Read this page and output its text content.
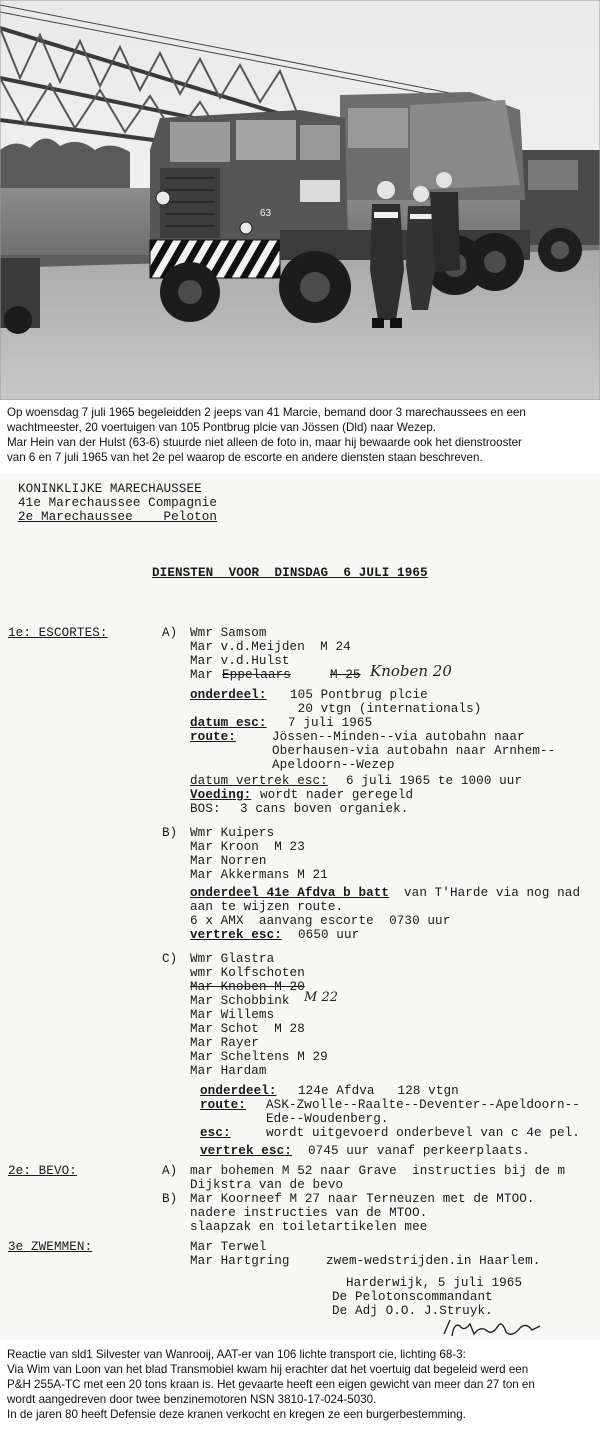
63
Op woensdag 7 juli 1965 begeleidden 2 jeeps van 41 Marcie, bemand door 3 marechaussees en een
wachtmeester, 20 voertuigen van 105 Pontbrug plcie van Jössen (Dld) naar Wezep.
Mar Hein van der Hulst (63-6) stuurde niet alleen de foto in, maar hij bewaarde ook het dienstrooster
van 6 en 7 juli 1965 van het 2e pel waarop de escorte en andere diensten staan beschreven.
KONINKLIJKE MARECHAUSSEE
41e Marechaussee Compagnie
2e Marechaussee    Peloton
DIENSTEN  VOOR  DINSDAG  6 JULI 1965
1e: ESCORTES:	A) Wmr Samsom
Mar v.d.Meijden  M 24
Mar v.d.Hulst
Mar Eppelaars	M 25 Knoben 20
onderdeel: 105 Pontbrug plcie
20 vtgn (internationals)
datum esc: 7 juli 1965
route:	Jössen--Minden--via autobahn naar
Oberhausen-via autobahn naar Arnhem--
Apeldoorn--Wezep
datum vertrek esc: 6 juli 1965 te 1000 uur
Voeding: wordt nader geregeld
BOS: 3 cans boven organiek.
B) Wmr Kuipers
Mar Kroon  M 23
Mar Norren
Mar Akkermans M 21
onderdeel 41e Afdva b batt van T'Harde via nog nad
aan te wijzen route.
6 x AMX  aanvang escorte  0730 uur
vertrek esc: 0650 uur
C) Wmr Glastra
wmr Kolfschoten
Mar Knoben M 20
Mar Schobbink M 22
Mar Willems
Mar Schot  M 28
Mar Rayer
Mar Scheltens M 29
Mar Hardam
onderdeel: 124e Afdva   128 vtgn
route: ASK-Zwolle--Raalte--Deventer--Apeldoorn--
Ede--Woudenberg.
esc:	wordt uitgevoerd onderbevel van c 4e pel.
vertrek esc: 0745 uur vanaf perkeerplaats.
2e: BEVO:	A) mar bohemen M 52 naar Grave  instructies bij de m
Dijkstra van de bevo
B) Mar Koorneef M 27 naar Terneuzen met de MTOO.
nadere instructies van de MTOO.
slaapzak en toiletartikelen mee
3e ZWEMMEN:	Mar Terwel
Mar Hartgring	zwem-wedstrijden.in Haarlem.
Harderwijk, 5 juli 1965
De Pelotonscommandant
De Adj O.O. J.Struyk.
Reactie van sld1 Silvester van Wanrooij, AAT-er van 106 lichte transport cie, lichting 68-3:
Via Wim van Loon van het blad Transmobiel kwam hij erachter dat het voertuig dat begeleid werd een
P&H 255A-TC met een 20 tons kraan is. Het gevaarte heeft een eigen gewicht van meer dan 27 ton en
wordt aangedreven door twee benzinemotoren NSN 3810-17-024-5030.
In de jaren 80 heeft Defensie deze kranen verkocht en kregen ze een burgerbestemming.
